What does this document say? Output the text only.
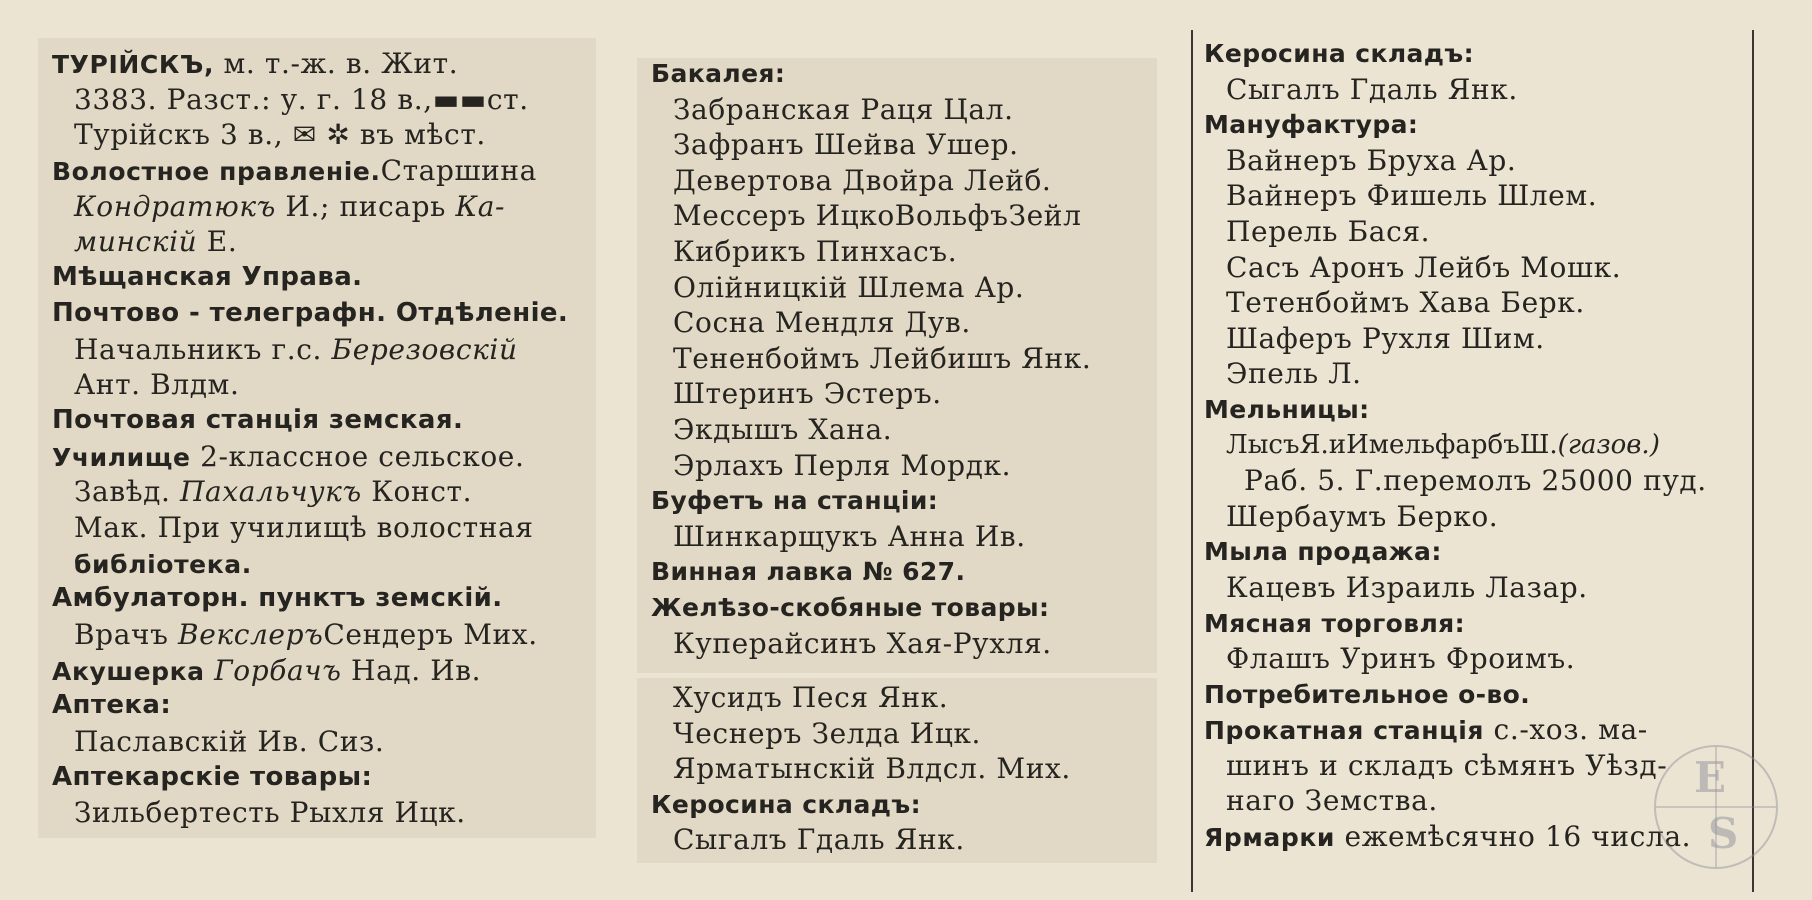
ТУРІЙСКЪ, м. т.-ж. в. Жит.
3383. Разст.: у. г. 18 в.,▬▬ст.
Турійскъ 3 в., ✉ ✲ въ мѣст.
Волостное правленіе.Старшина
Кондратюкъ И.; писарь Ка-
минскій Е.
Мѣщанская Управа.
Почтово - телеграфн. Отдѣленіе.
Начальникъ г.с. Березовскій
Ант. Влдм.
Почтовая станція земская.
Училище 2-классное сельское.
Завѣд. Пахальчукъ Конст.
Мак. При училищѣ волостная
библіотека.
Амбулаторн. пунктъ земскій.
Врачъ ВекслеръСендеръ Мих.
Акушерка Горбачъ Над. Ив.
Аптека:
Паславскій Ив. Сиз.
Аптекарскіе товары:
Зильбертесть Рыхля Ицк.
Бакалея:
Забранская Раця Цал.
Зафранъ Шейва Ушер.
Девертова Двойра Лейб.
Мессеръ ИцкоВольфъЗейл
Кибрикъ Пинхасъ.
Олійницкій Шлема Ар.
Сосна Мендля Дув.
Тененбоймъ Лейбишъ Янк.
Штеринъ Эстеръ.
Экдышъ Хана.
Эрлахъ Перля Мордк.
Буфетъ на станціи:
Шинкарщукъ Анна Ив.
Винная лавка № 627.
Желѣзо-скобяные товары:
Куперайсинъ Хая-Рухля.
Хусидъ Песя Янк.
Чеснеръ Зелда Ицк.
Ярматынскій Влдсл. Мих.
Керосина складъ:
Сыгалъ Гдаль Янк.
Керосина складъ:
Сыгалъ Гдаль Янк.
Мануфактура:
Вайнеръ Бруха Ар.
Вайнеръ Фишель Шлем.
Перель Бася.
Сасъ Аронъ Лейбъ Мошк.
Тетенбоймъ Хава Берк.
Шаферъ Рухля Шим.
Эпель Л.
Мельницы:
ЛысъЯ.иИмельфарбъШ.(газов.)
Раб. 5. Г.перемолъ 25000 пуд.
Шербаумъ Берко.
Мыла продажа:
Кацевъ Израиль Лазар.
Мясная торговля:
Флашъ Уринъ Фроимъ.
Потребительное о-во.
Прокатная станція с.-хоз. ма-
шинъ и складъ сѣмянъ Уѣзд-
наго Земства.
Ярмарки ежемѣсячно 16 числа.
E
S
